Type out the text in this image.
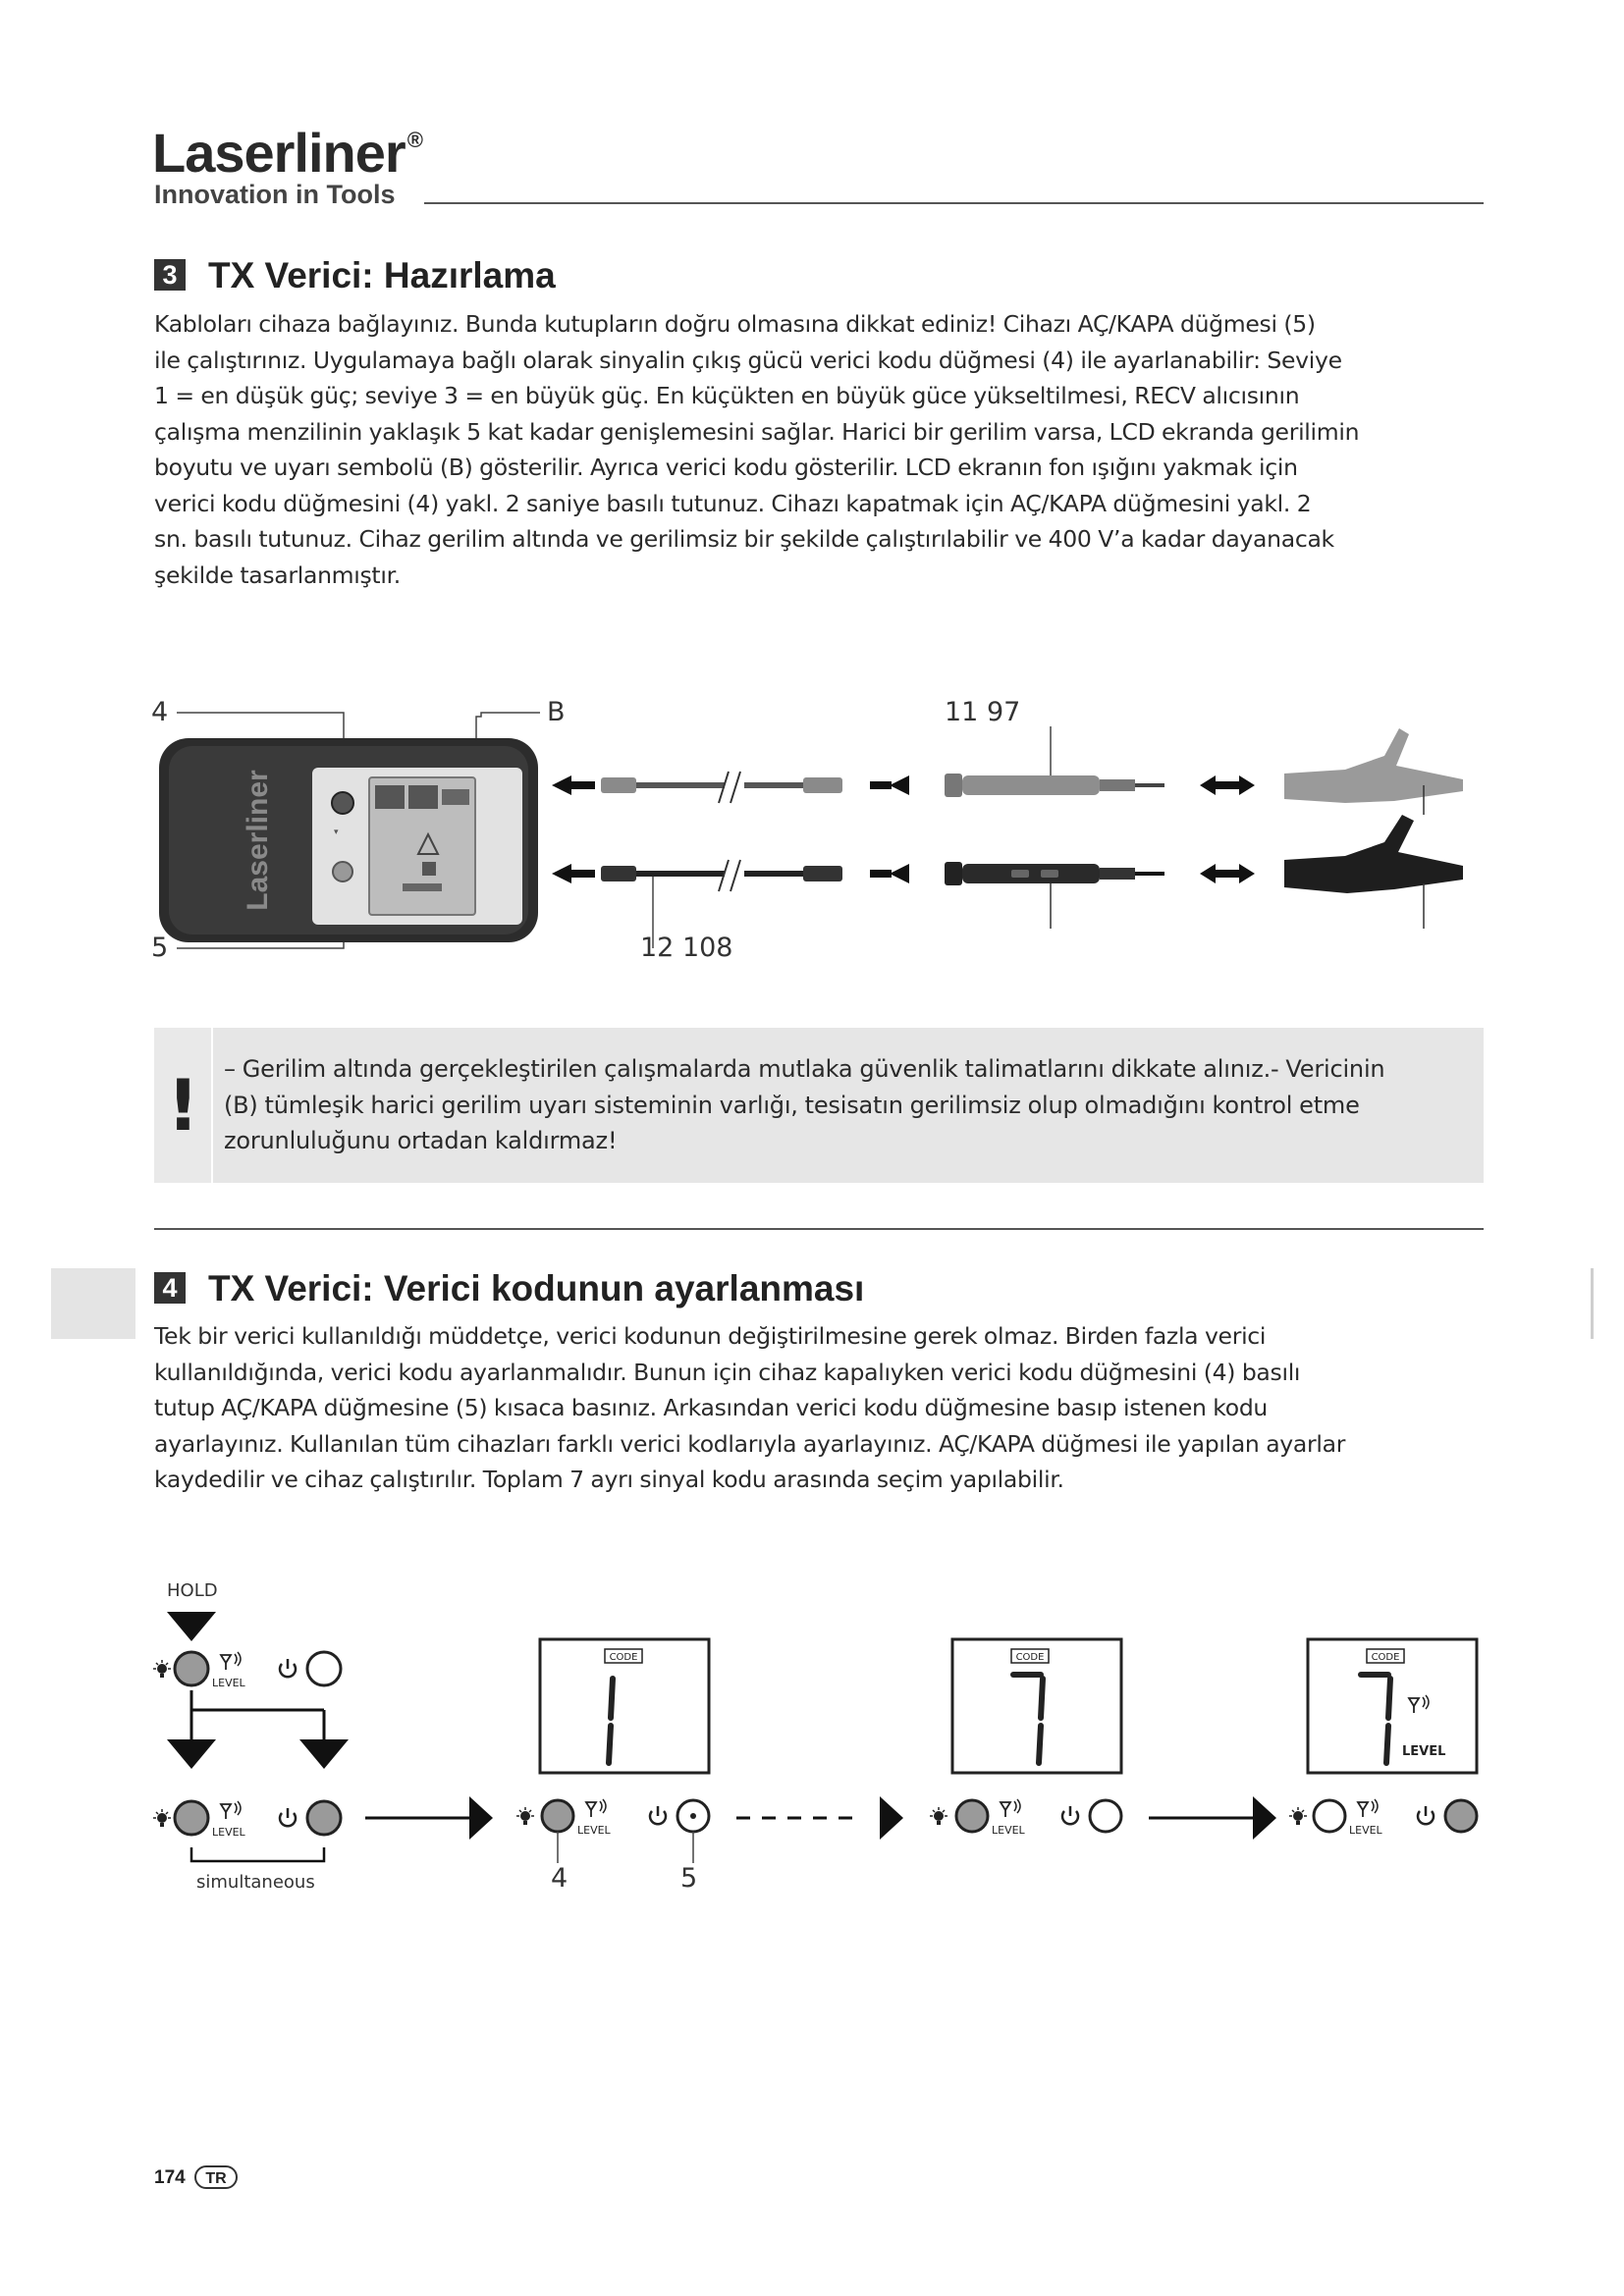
Laserliner®
Innovation in Tools
3 TX Verici: Hazırlama
Kabloları cihaza bağlayınız. Bunda kutupların doğru olmasına dikkat ediniz! Cihazı AÇ/KAPA düğmesi (5)
ile çalıştırınız. Uygulamaya bağlı olarak sinyalin çıkış gücü verici kodu düğmesi (4) ile ayarlanabilir: Seviye
1 = en düşük güç; seviye 3 = en büyük güç. En küçükten en büyük güce yükseltilmesi, RECV alıcısının
çalışma menzilinin yaklaşık 5 kat kadar genişlemesini sağlar. Harici bir gerilim varsa, LCD ekranda gerilimin
boyutu ve uyarı sembolü (B) gösterilir. Ayrıca verici kodu gösterilir. LCD ekranın fon ışığını yakmak için
verici kodu düğmesini (4) yakl. 2 saniye basılı tutunuz. Cihazı kapatmak için AÇ/KAPA düğmesini yakl. 2
sn. basılı tutunuz. Cihaz gerilim altında ve gerilimsiz bir şekilde çalıştırılabilir ve 400 V’a kadar dayanacak
şekilde tasarlanmıştır.
4	B	11 97
5	12 108
Laserliner	▾
! – Gerilim altında gerçekleştirilen çalışmalarda mutlaka güvenlik talimatlarını dikkate alınız.- Vericinin
(B) tümleşik harici gerilim uyarı sisteminin varlığı, tesisatın gerilimsiz olup olmadığını kontrol etme
zorunluluğunu ortadan kaldırmaz!
4 TX Verici: Verici kodunun ayarlanması
Tek bir verici kullanıldığı müddetçe, verici kodunun değiştirilmesine gerek olmaz. Birden fazla verici
kullanıldığında, verici kodu ayarlanmalıdır. Bunun için cihaz kapalıyken verici kodu düğmesini (4) basılı
tutup AÇ/KAPA düğmesine (5) kısaca basınız. Arkasından verici kodu düğmesine basıp istenen kodu
ayarlayınız. Kullanılan tüm cihazları farklı verici kodlarıyla ayarlayınız. AÇ/KAPA düğmesi ile yapılan ayarlar
kaydedilir ve cihaz çalıştırılır. Toplam 7 ayrı sinyal kodu arasında seçim yapılabilir.
HOLD
simultaneous	4	5
CODE	CODE	CODE
LEVEL
LEVEL
LEVEL	LEVEL	LEVEL	LEVEL
174	TR
